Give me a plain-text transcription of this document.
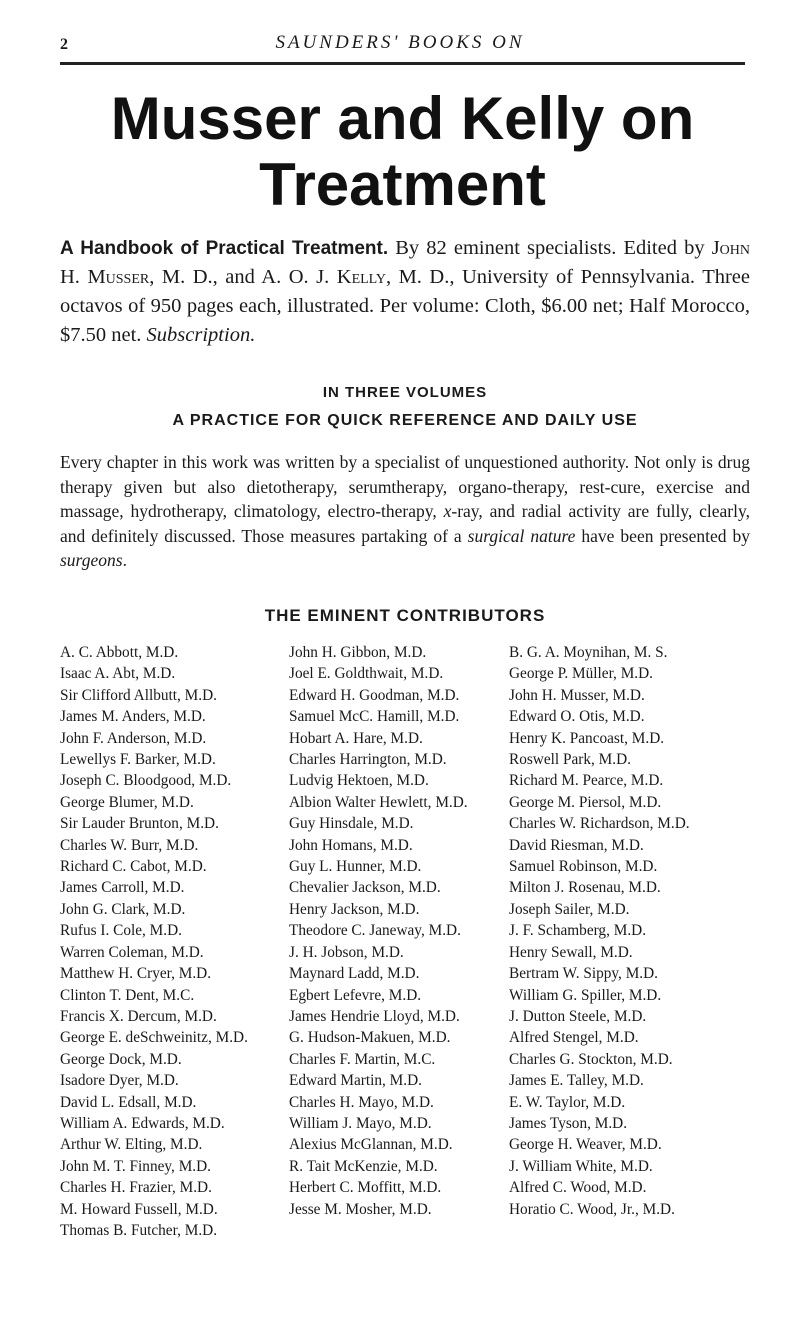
2	SAUNDERS' BOOKS ON
Musser and Kelly on
Treatment
A Handbook of Practical Treatment. By 82 eminent specialists. Edited by John H. Musser, M. D., and A. O. J. Kelly, M. D., University of Pennsylvania. Three octavos of 950 pages each, illustrated. Per volume: Cloth, $6.00 net; Half Morocco, $7.50 net. Subscription.
IN THREE VOLUMES
A PRACTICE FOR QUICK REFERENCE AND DAILY USE
Every chapter in this work was written by a specialist of unquestioned authority. Not only is drug therapy given but also dietotherapy, serumtherapy, organo-therapy, rest-cure, exercise and massage, hydrotherapy, climatology, electro-therapy, x-ray, and radial activity are fully, clearly, and definitely discussed. Those measures partaking of a surgical nature have been presented by surgeons.
THE EMINENT CONTRIBUTORS
A. C. Abbott, M.D.
Isaac A. Abt, M.D.
Sir Clifford Allbutt, M.D.
James M. Anders, M.D.
John F. Anderson, M.D.
Lewellys F. Barker, M.D.
Joseph C. Bloodgood, M.D.
George Blumer, M.D.
Sir Lauder Brunton, M.D.
Charles W. Burr, M.D.
Richard C. Cabot, M.D.
James Carroll, M.D.
John G. Clark, M.D.
Rufus I. Cole, M.D.
Warren Coleman, M.D.
Matthew H. Cryer, M.D.
Clinton T. Dent, M.C.
Francis X. Dercum, M.D.
George E. deSchweinitz, M.D.
George Dock, M.D.
Isadore Dyer, M.D.
David L. Edsall, M.D.
William A. Edwards, M.D.
Arthur W. Elting, M.D.
John M. T. Finney, M.D.
Charles H. Frazier, M.D.
M. Howard Fussell, M.D.
Thomas B. Futcher, M.D.
John H. Gibbon, M.D.
Joel E. Goldthwait, M.D.
Edward H. Goodman, M.D.
Samuel McC. Hamill, M.D.
Hobart A. Hare, M.D.
Charles Harrington, M.D.
Ludvig Hektoen, M.D.
Albion Walter Hewlett, M.D.
Guy Hinsdale, M.D.
John Homans, M.D.
Guy L. Hunner, M.D.
Chevalier Jackson, M.D.
Henry Jackson, M.D.
Theodore C. Janeway, M.D.
J. H. Jobson, M.D.
Maynard Ladd, M.D.
Egbert Lefevre, M.D.
James Hendrie Lloyd, M.D.
G. Hudson-Makuen, M.D.
Charles F. Martin, M.C.
Edward Martin, M.D.
Charles H. Mayo, M.D.
William J. Mayo, M.D.
Alexius McGlannan, M.D.
R. Tait McKenzie, M.D.
Herbert C. Moffitt, M.D.
Jesse M. Mosher, M.D.
B. G. A. Moynihan, M. S.
George P. Müller, M.D.
John H. Musser, M.D.
Edward O. Otis, M.D.
Henry K. Pancoast, M.D.
Roswell Park, M.D.
Richard M. Pearce, M.D.
George M. Piersol, M.D.
Charles W. Richardson, M.D.
David Riesman, M.D.
Samuel Robinson, M.D.
Milton J. Rosenau, M.D.
Joseph Sailer, M.D.
J. F. Schamberg, M.D.
Henry Sewall, M.D.
Bertram W. Sippy, M.D.
William G. Spiller, M.D.
J. Dutton Steele, M.D.
Alfred Stengel, M.D.
Charles G. Stockton, M.D.
James E. Talley, M.D.
E. W. Taylor, M.D.
James Tyson, M.D.
George H. Weaver, M.D.
J. William White, M.D.
Alfred C. Wood, M.D.
Horatio C. Wood, Jr., M.D.
